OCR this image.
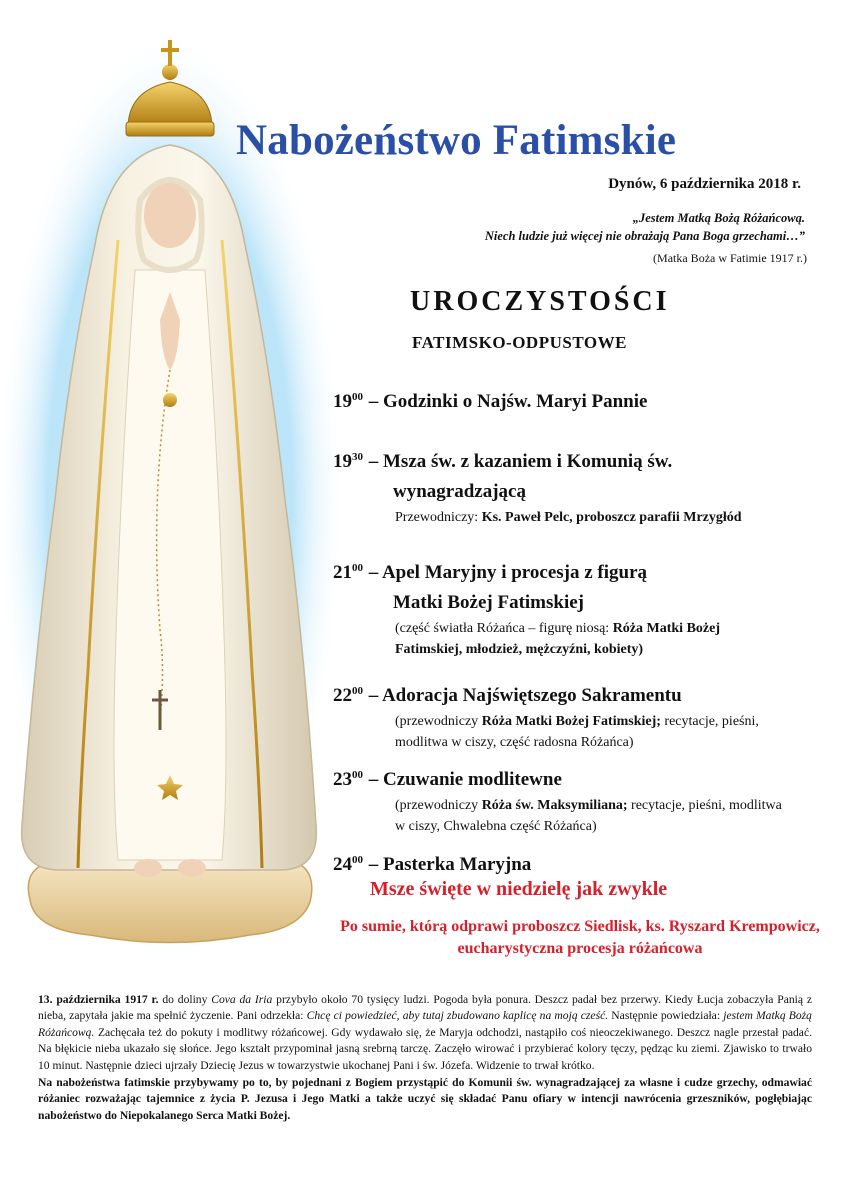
Nabożeństwo Fatimskie
Dynów, 6 października 2018 r.
„Jestem Matką Bożą Różańcową.
Niech ludzie już więcej nie obrażają Pana Boga grzechami…”
(Matka Boża w Fatimie 1917 r.)
UROCZYSTOŚCI
FATIMSKO-ODPUSTOWE
$19^{00}$ – Godzinki o Najśw. Maryi Pannie
$19^{30}$ – Msza św. z kazaniem i Komunią św.
wynagradzającą
Przewodniczy: Ks. Paweł Pelc, proboszcz parafii Mrzygłód
$21^{00}$ – Apel Maryjny i procesja z figurą
Matki Bożej Fatimskiej
(część światła Różańca – figurę niosą: Róża Matki Bożej Fatimskiej, młodzież, mężczyźni, kobiety)
$22^{00}$ – Adoracja Najświętszego Sakramentu
(przewodniczy Róża Matki Bożej Fatimskiej; recytacje, pieśni, modlitwa w ciszy, część radosna Różańca)
$23^{00}$ – Czuwanie modlitewne
(przewodniczy Róża św. Maksymiliana; recytacje, pieśni, modlitwa w ciszy, Chwalebna część Różańca)
$24^{00}$ – Pasterka Maryjna
Msze święte w niedzielę jak zwykle
Po sumie, którą odprawi proboszcz Siedlisk, ks. Ryszard Krempowicz, eucharystyczna procesja różańcowa

13. października 1917 r. do doliny Cova da Iria przybyło około 70 tysięcy ludzi. Pogoda była ponura. Deszcz padał bez przerwy. Kiedy Łucja zobaczyła Panią z nieba, zapytała jakie ma spełnić życzenie. Pani odrzekła: Chcę ci powiedzieć, aby tutaj zbudowano kaplicę na moją cześć. Następnie powiedziała: jestem Matką Bożą Różańcową. Zachęcała też do pokuty i modlitwy różańcowej. Gdy wydawało się, że Maryja odchodzi, nastąpiło coś nieoczekiwanego. Deszcz nagle przestał padać. Na błękicie nieba ukazało się słońce. Jego kształt przypominał jasną srebrną tarczę. Zaczęło wirować i przybierać kolory tęczy, pędząc ku ziemi. Zjawisko to trwało 10 minut. Następnie dzieci ujrzały Dziecię Jezus w towarzystwie ukochanej Pani i św. Józefa. Widzenie to trwał krótko.

Na nabożeństwa fatimskie przybywamy po to, by pojednani z Bogiem przystąpić do Komunii św. wynagradzającej za własne i cudze grzechy, odmawiać różaniec rozważając tajemnice z życia P. Jezusa i Jego Matki a także uczyć się składać Panu ofiary w intencji nawrócenia grzeszników, pogłębiając nabożeństwo do Niepokalanego Serca Matki Bożej.
